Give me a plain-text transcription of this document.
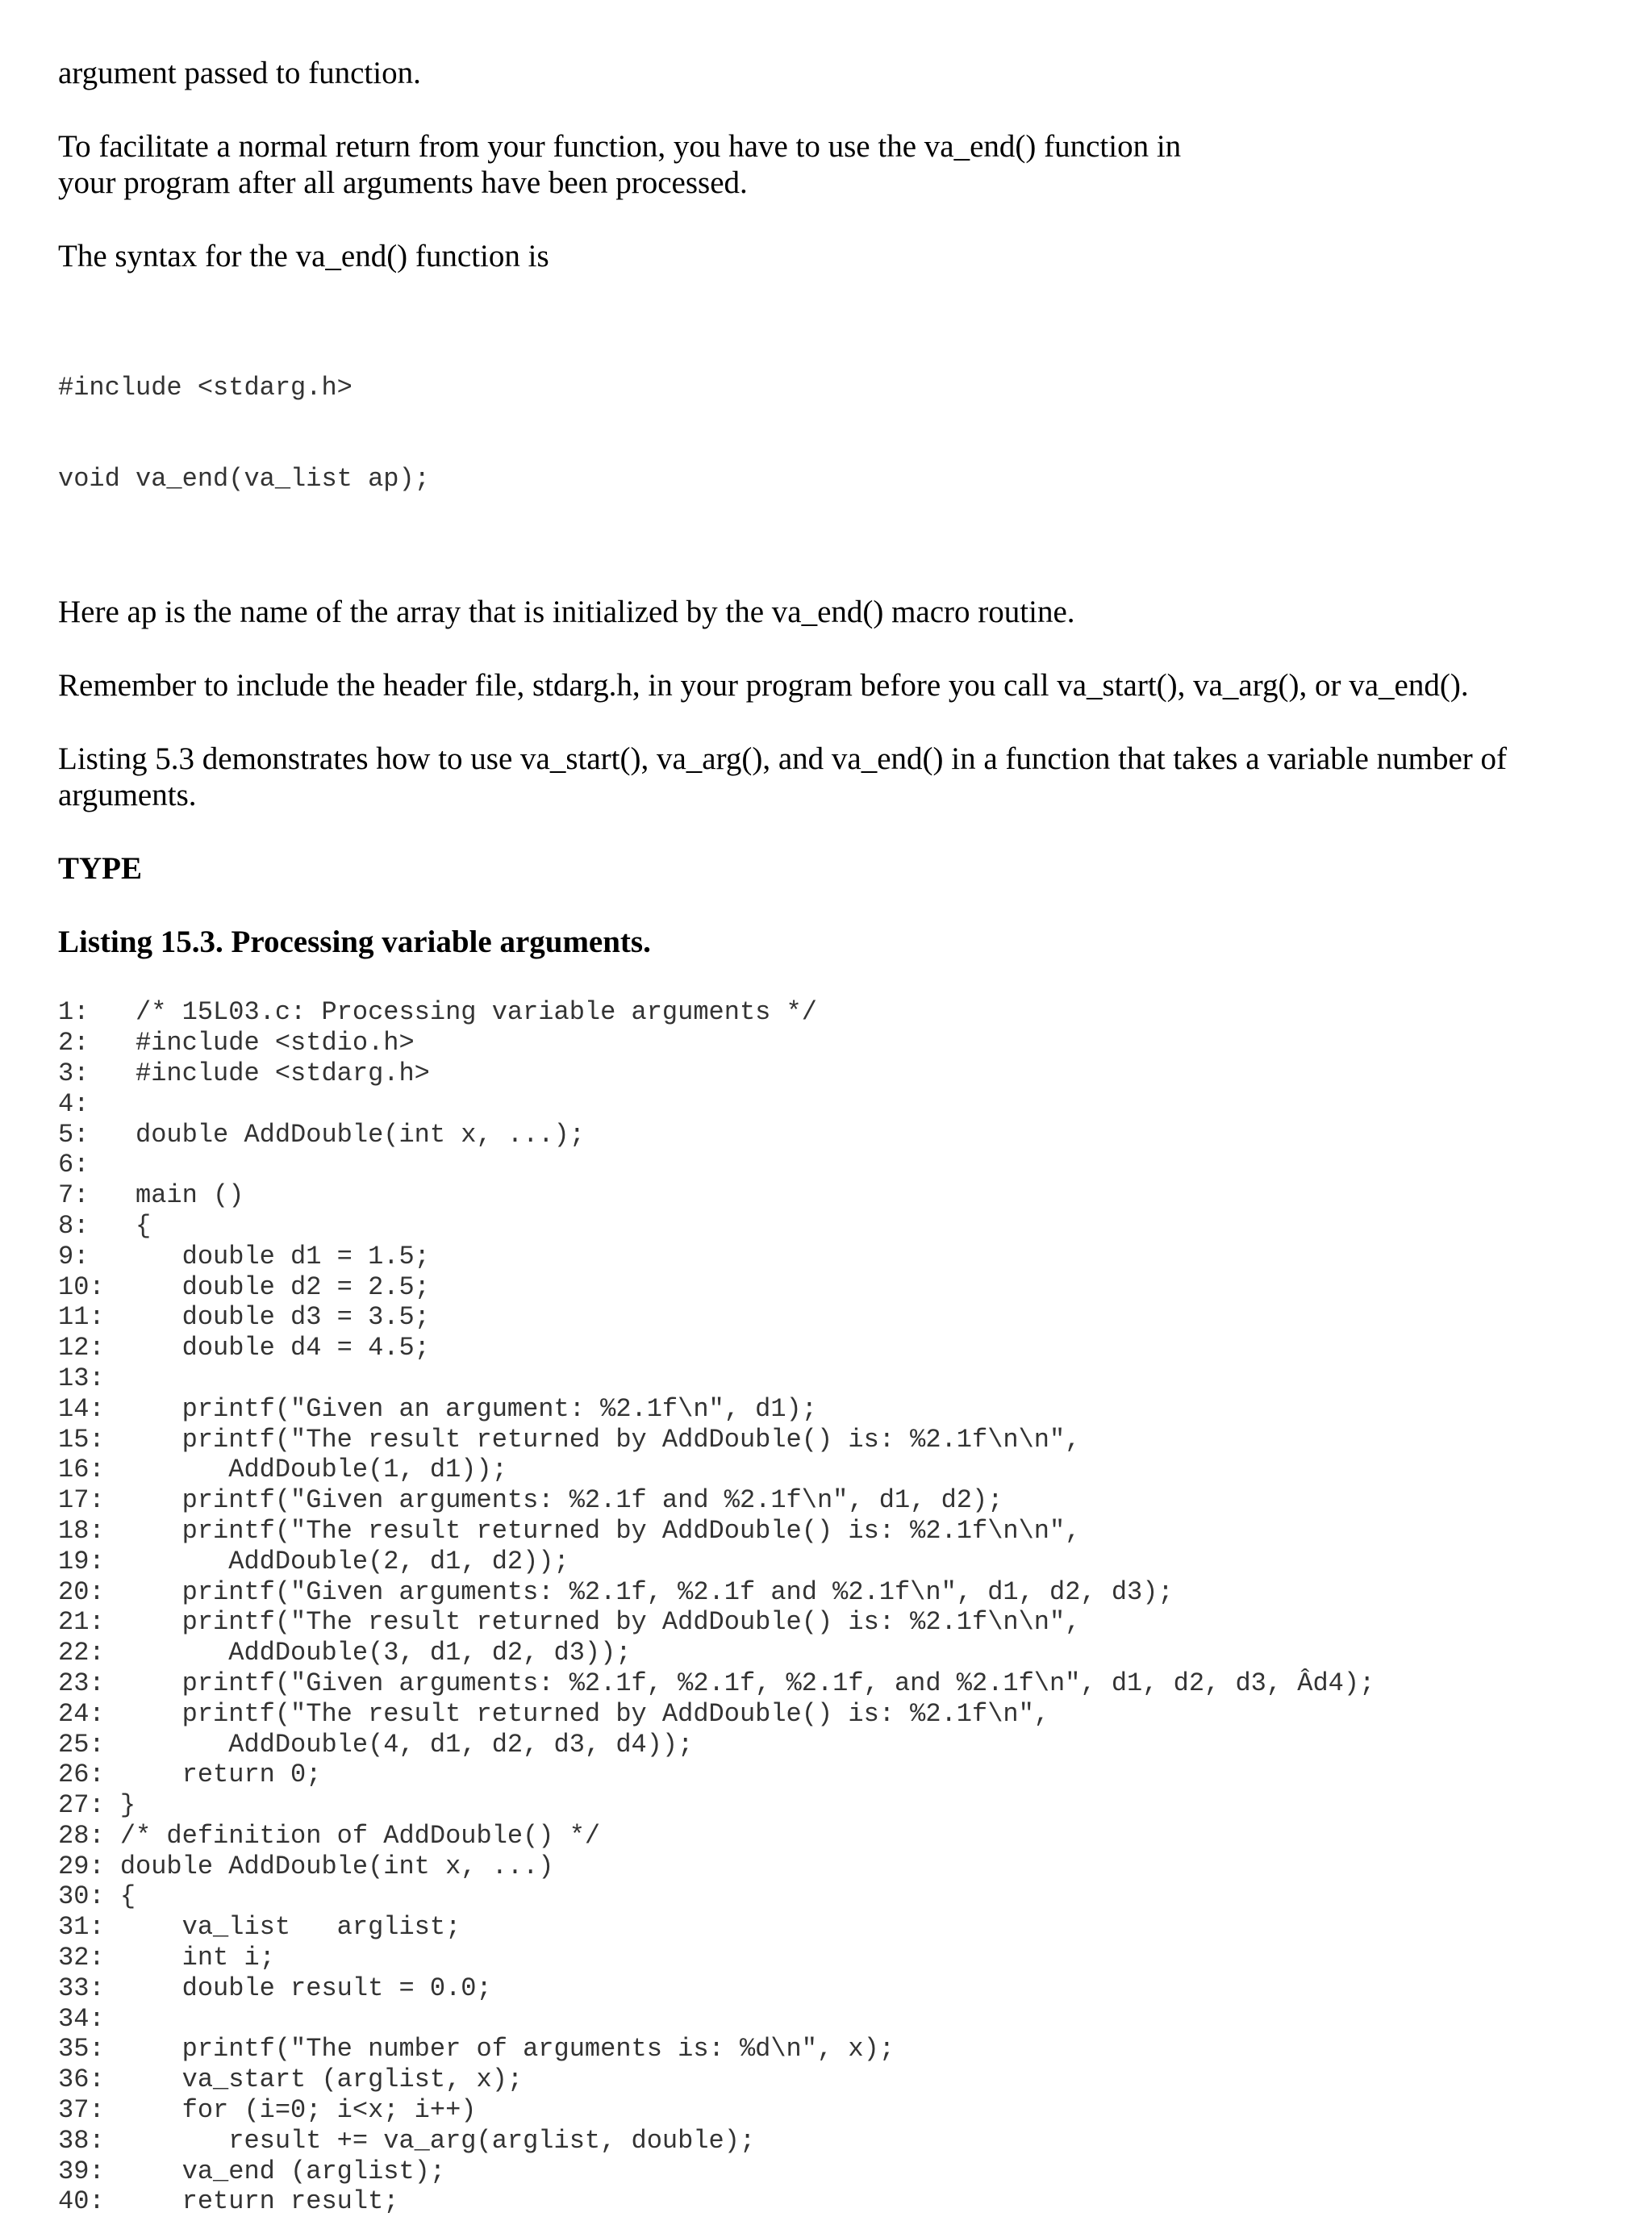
argument passed to function.

To facilitate a normal return from your function, you have to use the va_end() function in
your program after all arguments have been processed.

The syntax for the va_end() function is

#include <stdarg.h>

void va_end(va_list ap);

Here ap is the name of the array that is initialized by the va_end() macro routine.

Remember to include the header file, stdarg.h, in your program before you call va_start(), va_arg(), or va_end().

Listing 5.3 demonstrates how to use va_start(), va_arg(), and va_end() in a function that takes a variable number of
arguments.

TYPE

Listing 15.3. Processing variable arguments.

1:   /* 15L03.c: Processing variable arguments */
2:   #include <stdio.h>
3:   #include <stdarg.h>
4:
5:   double AddDouble(int x, ...);
6:
7:   main ()
8:   {
9:      double d1 = 1.5;
10:     double d2 = 2.5;
11:     double d3 = 3.5;
12:     double d4 = 4.5;
13:
14:     printf("Given an argument: %2.1f\n", d1);
15:     printf("The result returned by AddDouble() is: %2.1f\n\n",
16:        AddDouble(1, d1));
17:     printf("Given arguments: %2.1f and %2.1f\n", d1, d2);
18:     printf("The result returned by AddDouble() is: %2.1f\n\n",
19:        AddDouble(2, d1, d2));
20:     printf("Given arguments: %2.1f, %2.1f and %2.1f\n", d1, d2, d3);
21:     printf("The result returned by AddDouble() is: %2.1f\n\n",
22:        AddDouble(3, d1, d2, d3));
23:     printf("Given arguments: %2.1f, %2.1f, %2.1f, and %2.1f\n", d1, d2, d3, Âd4);
24:     printf("The result returned by AddDouble() is: %2.1f\n",
25:        AddDouble(4, d1, d2, d3, d4));
26:     return 0;
27: }
28: /* definition of AddDouble() */
29: double AddDouble(int x, ...)
30: {
31:     va_list   arglist;
32:     int i;
33:     double result = 0.0;
34:
35:     printf("The number of arguments is: %d\n", x);
36:     va_start (arglist, x);
37:     for (i=0; i<x; i++)
38:        result += va_arg(arglist, double);
39:     va_end (arglist);
40:     return result;
